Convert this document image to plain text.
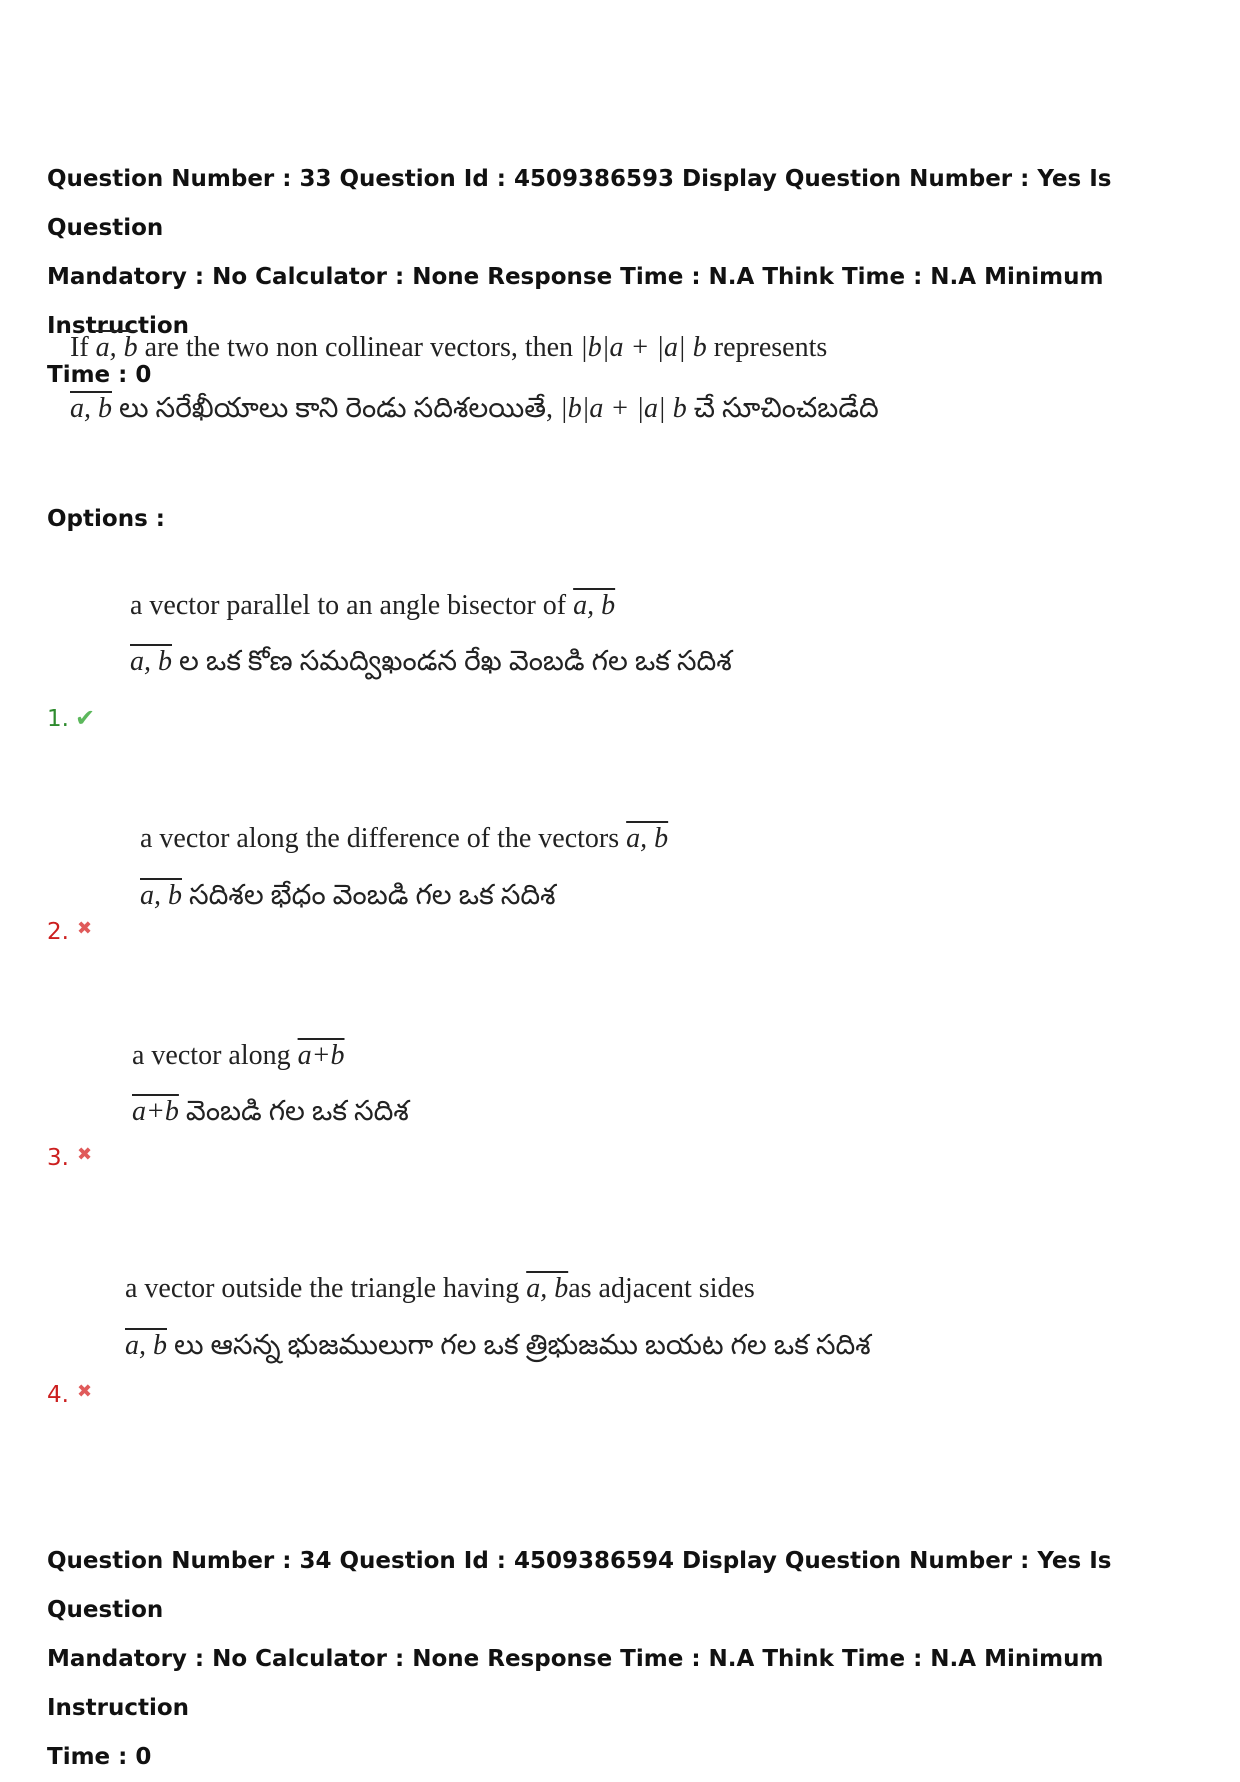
Question Number : 33 Question Id : 4509386593 Display Question Number : Yes Is Question
Mandatory : No Calculator : None Response Time : N.A Think Time : N.A Minimum Instruction
Time : 0
If a, b are the two non collinear vectors, then |b|a + |a| b represents
a, b లు సరేఖీయాలు కాని రెండు సదిశలయితే, |b|a + |a| b చే సూచించబడేది
Options :
a vector parallel to an angle bisector of a, b
a, b ల ఒక కోణ సమద్విఖండన రేఖ వెంబడి గల ఒక సదిశ
1. ✔
a vector along the difference of the vectors a, b
a, b సదిశల భేధం వెంబడి గల ఒక సదిశ
2. ✖
a vector along a+b
a+b వెంబడి గల ఒక సదిశ
3. ✖
a vector outside the triangle having a, bas adjacent sides
a, b లు ఆసన్న భుజములుగా గల ఒక త్రిభుజము బయట గల ఒక సదిశ
4. ✖
Question Number : 34 Question Id : 4509386594 Display Question Number : Yes Is Question
Mandatory : No Calculator : None Response Time : N.A Think Time : N.A Minimum Instruction
Time : 0
